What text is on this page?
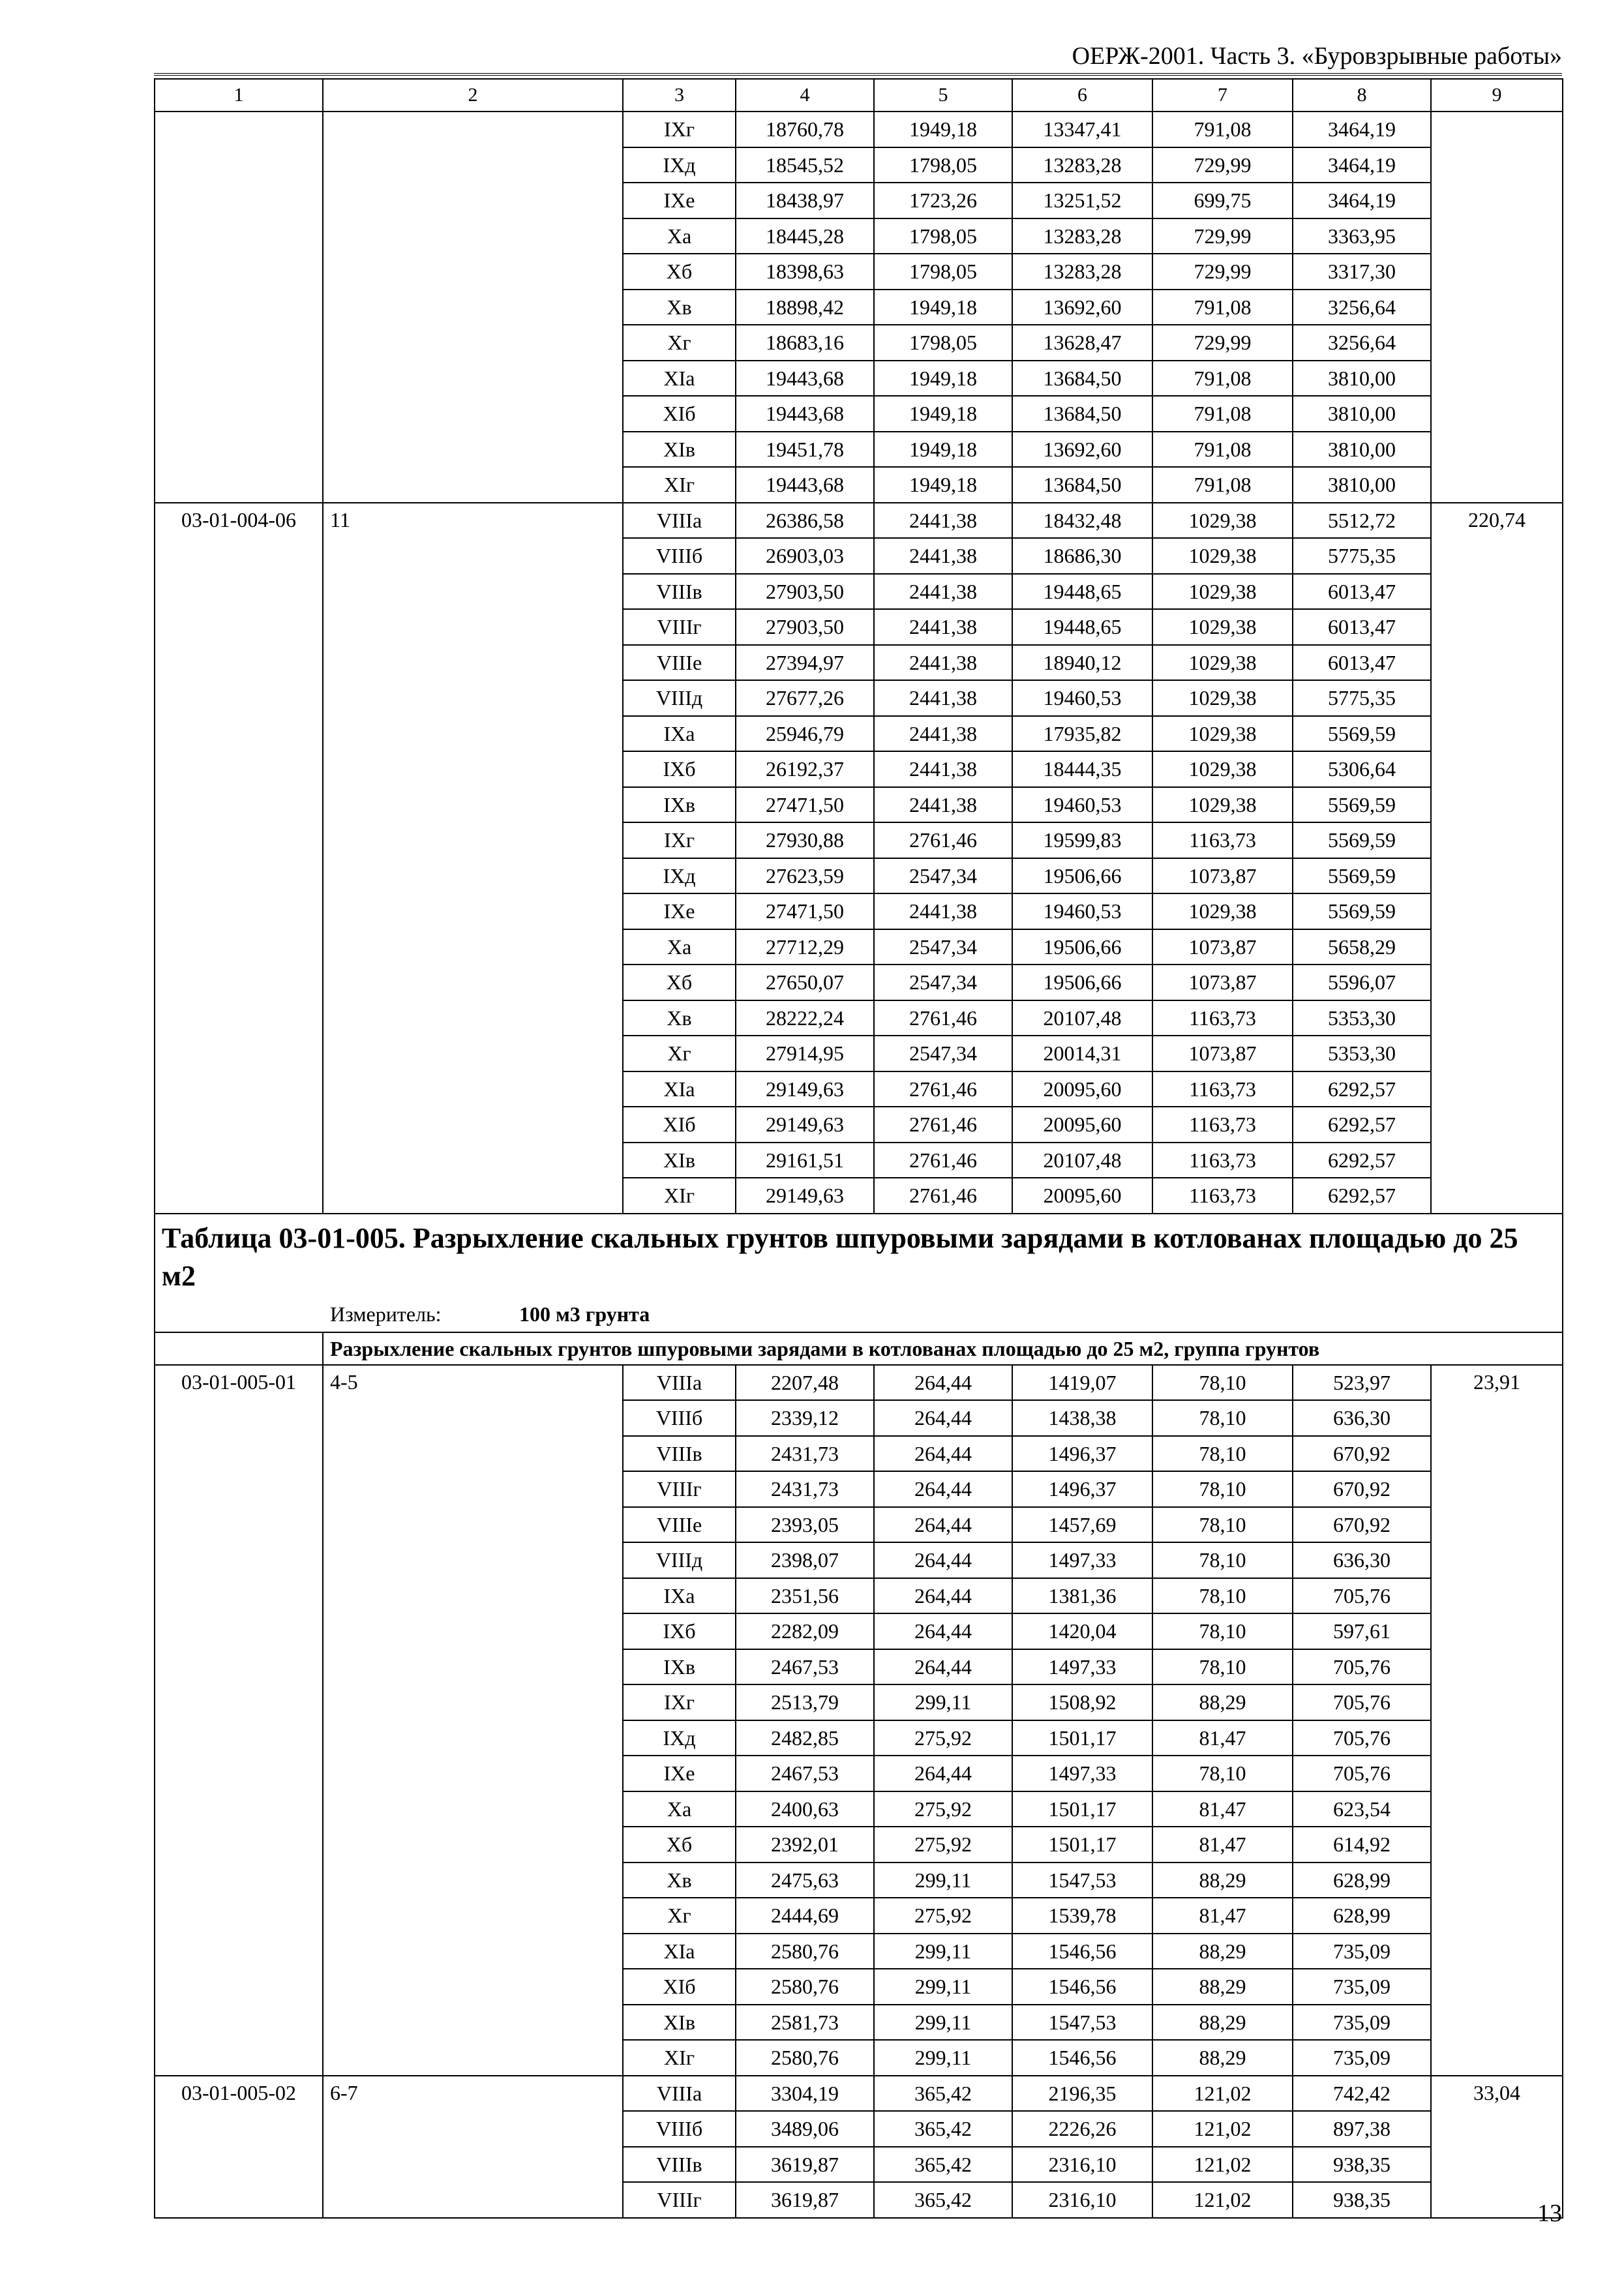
ОЕРЖ-2001. Часть 3. «Буровзрывные работы»
1	2	3	4	5	6	7	8	9
		IXг	18760,78	1949,18	13347,41	791,08	3464,19	
		IXд	18545,52	1798,05	13283,28	729,99	3464,19	
		IXе	18438,97	1723,26	13251,52	699,75	3464,19	
		Xа	18445,28	1798,05	13283,28	729,99	3363,95	
		Xб	18398,63	1798,05	13283,28	729,99	3317,30	
		Xв	18898,42	1949,18	13692,60	791,08	3256,64	
		Xг	18683,16	1798,05	13628,47	729,99	3256,64	
		XIа	19443,68	1949,18	13684,50	791,08	3810,00	
		XIб	19443,68	1949,18	13684,50	791,08	3810,00	
		XIв	19451,78	1949,18	13692,60	791,08	3810,00	
		XIг	19443,68	1949,18	13684,50	791,08	3810,00	
03-01-004-06	11	VIIIа	26386,58	2441,38	18432,48	1029,38	5512,72	220,74
		VIIIб	26903,03	2441,38	18686,30	1029,38	5775,35	
		VIIIв	27903,50	2441,38	19448,65	1029,38	6013,47	
		VIIIг	27903,50	2441,38	19448,65	1029,38	6013,47	
		VIIIе	27394,97	2441,38	18940,12	1029,38	6013,47	
		VIIIд	27677,26	2441,38	19460,53	1029,38	5775,35	
		IXа	25946,79	2441,38	17935,82	1029,38	5569,59	
		IXб	26192,37	2441,38	18444,35	1029,38	5306,64	
		IXв	27471,50	2441,38	19460,53	1029,38	5569,59	
		IXг	27930,88	2761,46	19599,83	1163,73	5569,59	
		IXд	27623,59	2547,34	19506,66	1073,87	5569,59	
		IXе	27471,50	2441,38	19460,53	1029,38	5569,59	
		Xа	27712,29	2547,34	19506,66	1073,87	5658,29	
		Xб	27650,07	2547,34	19506,66	1073,87	5596,07	
		Xв	28222,24	2761,46	20107,48	1163,73	5353,30	
		Xг	27914,95	2547,34	20014,31	1073,87	5353,30	
		XIа	29149,63	2761,46	20095,60	1163,73	6292,57	
		XIб	29149,63	2761,46	20095,60	1163,73	6292,57	
		XIв	29161,51	2761,46	20107,48	1163,73	6292,57	
		XIг	29149,63	2761,46	20095,60	1163,73	6292,57	

Таблица 03-01-005. Разрыхление скальных грунтов шпуровыми зарядами в котлованах площадью до 25 м2
Измеритель: 100 м3 грунта								

	Разрыхление скальных грунтов шпуровыми зарядами в котлованах площадью до 25 м2, группа грунтов							
03-01-005-01	4-5	VIIIа	2207,48	264,44	1419,07	78,10	523,97	23,91
		VIIIб	2339,12	264,44	1438,38	78,10	636,30	
		VIIIв	2431,73	264,44	1496,37	78,10	670,92	
		VIIIг	2431,73	264,44	1496,37	78,10	670,92	
		VIIIе	2393,05	264,44	1457,69	78,10	670,92	
		VIIIд	2398,07	264,44	1497,33	78,10	636,30	
		IXа	2351,56	264,44	1381,36	78,10	705,76	
		IXб	2282,09	264,44	1420,04	78,10	597,61	
		IXв	2467,53	264,44	1497,33	78,10	705,76	
		IXг	2513,79	299,11	1508,92	88,29	705,76	
		IXд	2482,85	275,92	1501,17	81,47	705,76	
		IXе	2467,53	264,44	1497,33	78,10	705,76	
		Xа	2400,63	275,92	1501,17	81,47	623,54	
		Xб	2392,01	275,92	1501,17	81,47	614,92	
		Xв	2475,63	299,11	1547,53	88,29	628,99	
		Xг	2444,69	275,92	1539,78	81,47	628,99	
		XIа	2580,76	299,11	1546,56	88,29	735,09	
		XIб	2580,76	299,11	1546,56	88,29	735,09	
		XIв	2581,73	299,11	1547,53	88,29	735,09	
		XIг	2580,76	299,11	1546,56	88,29	735,09	
03-01-005-02	6-7	VIIIа	3304,19	365,42	2196,35	121,02	742,42	33,04
		VIIIб	3489,06	365,42	2226,26	121,02	897,38	
		VIIIв	3619,87	365,42	2316,10	121,02	938,35	
		VIIIг	3619,87	365,42	2316,10	121,02	938,35		13
